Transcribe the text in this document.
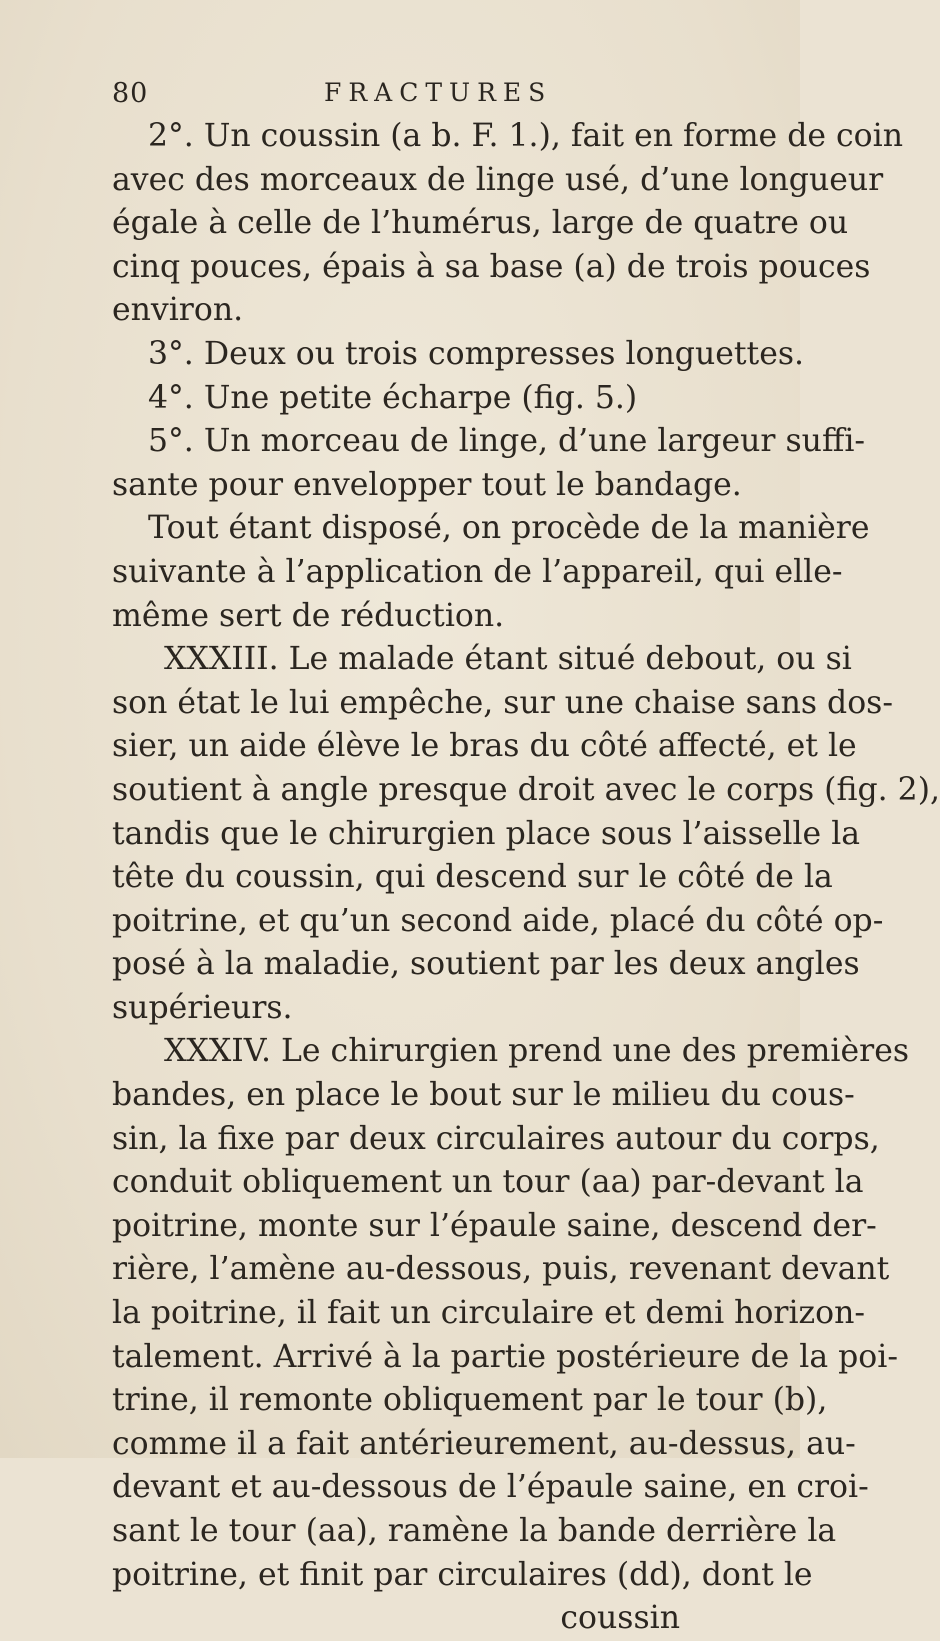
80	FRACTURES
2°. Un coussin (a b. F. 1.), fait en forme de coin
avec des morceaux de linge usé, d’une longueur
égale à celle de l’humérus, large de quatre ou
cinq pouces, épais à sa base (a) de trois pouces
environ.
3°. Deux ou trois compresses longuettes.
4°. Une petite écharpe (fig. 5.)
5°. Un morceau de linge, d’une largeur suffi-
sante pour envelopper tout le bandage.
Tout étant disposé, on procède de la manière
suivante à l’application de l’appareil, qui elle-
même sert de réduction.
XXXIII. Le malade étant situé debout, ou si
son état le lui empêche, sur une chaise sans dos-
sier, un aide élève le bras du côté affecté, et le
soutient à angle presque droit avec le corps (fig. 2),
tandis que le chirurgien place sous l’aisselle la
tête du coussin, qui descend sur le côté de la
poitrine, et qu’un second aide, placé du côté op-
posé à la maladie, soutient par les deux angles
supérieurs.
XXXIV. Le chirurgien prend une des premières
bandes, en place le bout sur le milieu du cous-
sin, la fixe par deux circulaires autour du corps,
conduit obliquement un tour (aa) par-devant la
poitrine, monte sur l’épaule saine, descend der-
rière, l’amène au-dessous, puis, revenant devant
la poitrine, il fait un circulaire et demi horizon-
talement. Arrivé à la partie postérieure de la poi-
trine, il remonte obliquement par le tour (b),
comme il a fait antérieurement, au-dessus, au-
devant et au-dessous de l’épaule saine, en croi-
sant le tour (aa), ramène la bande derrière la
poitrine, et finit par circulaires (dd), dont le
coussin
